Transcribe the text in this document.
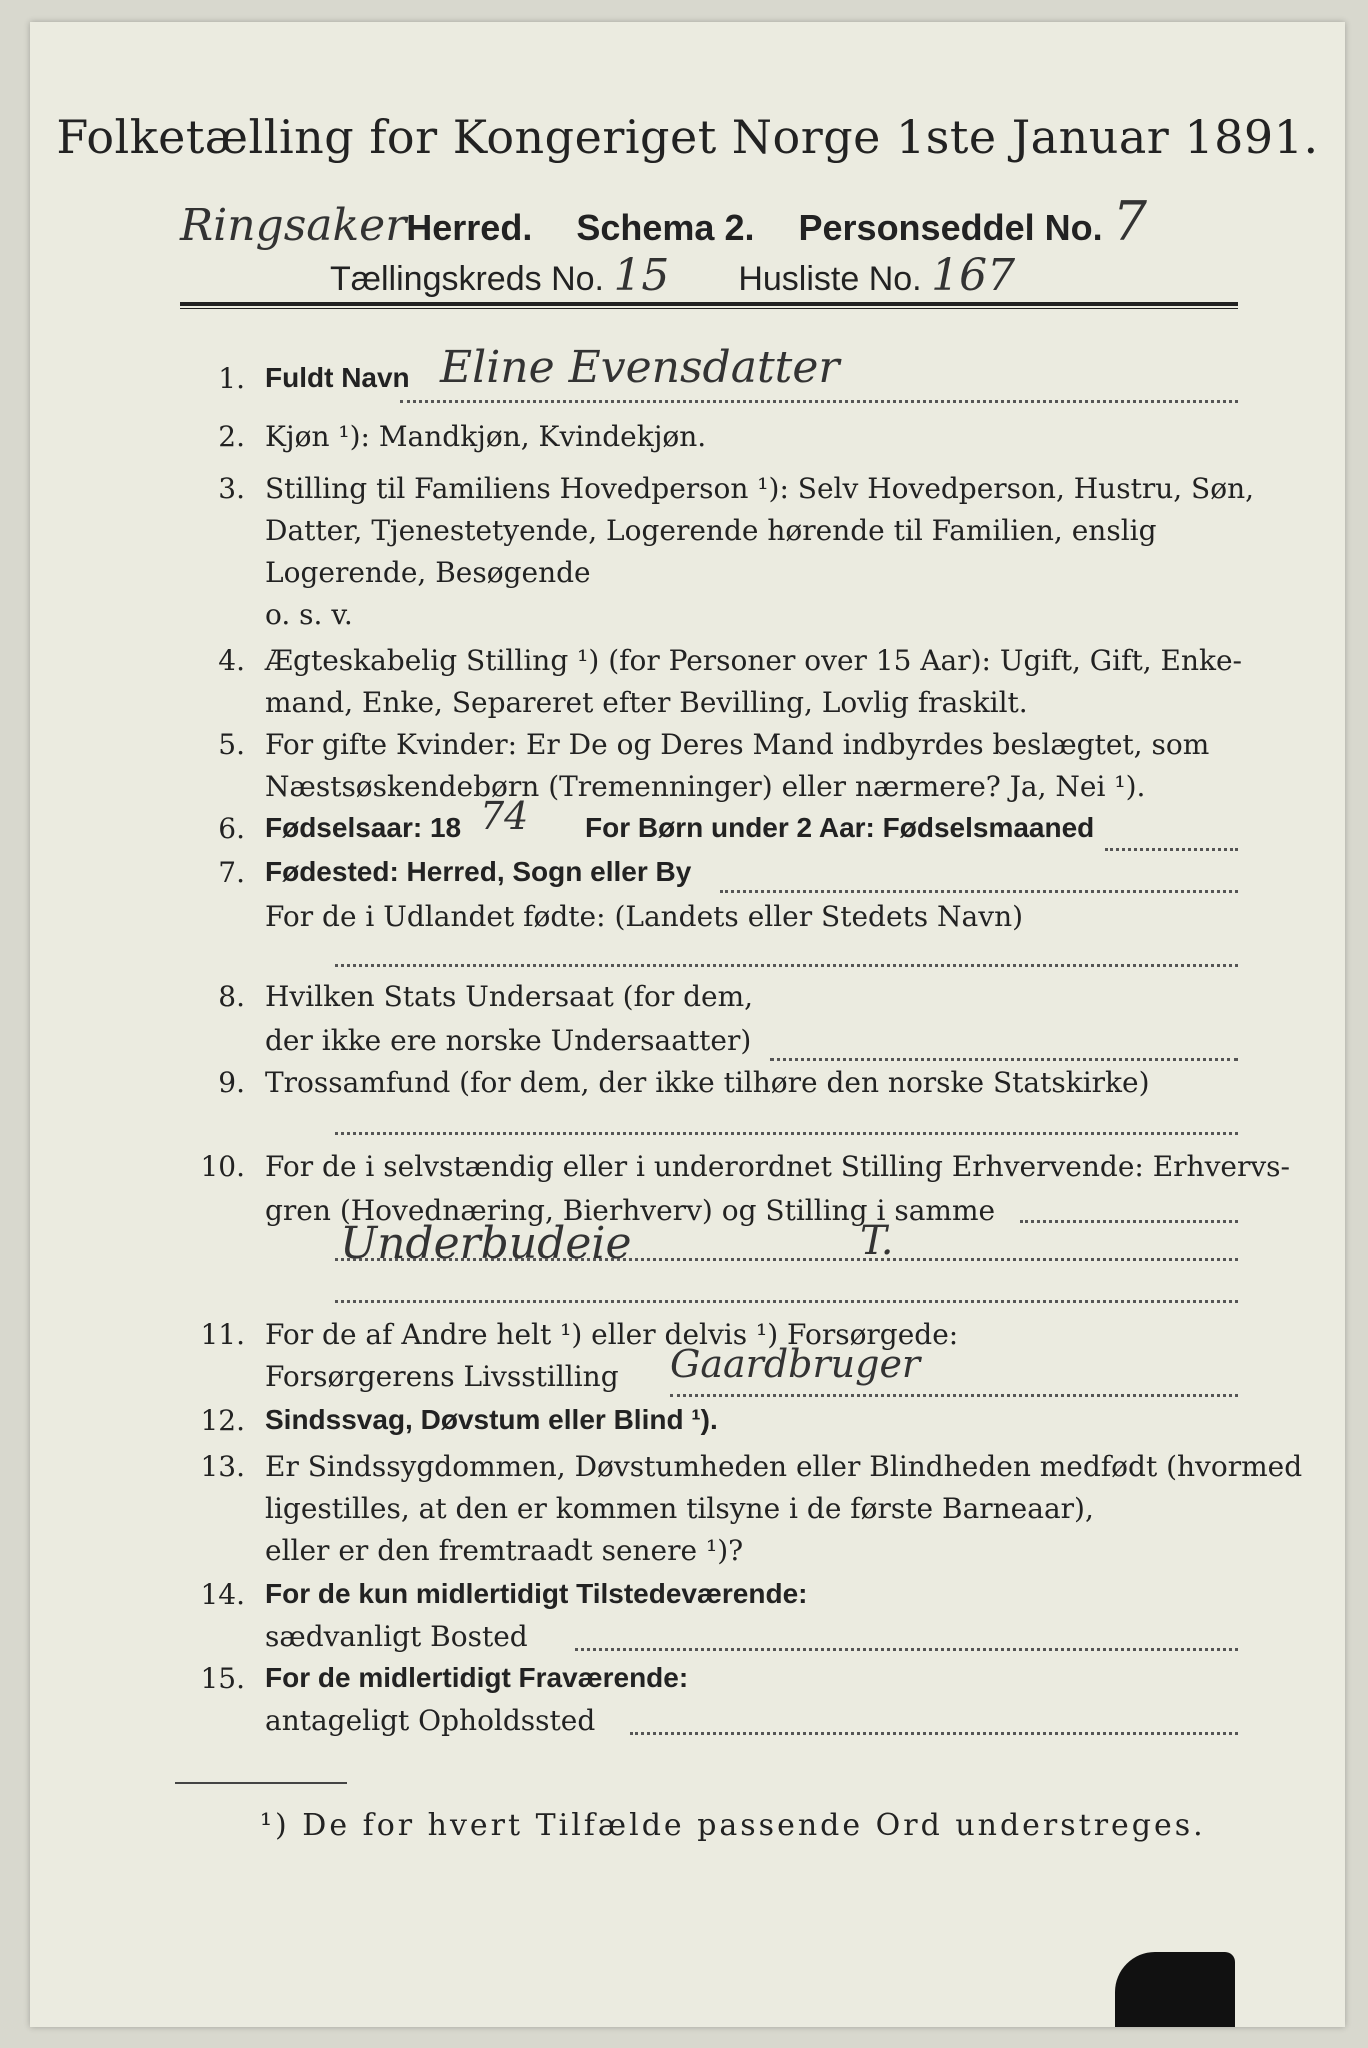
Folketælling for Kongeriget Norge 1ste Januar 1891.
RingsakerHerred. Schema 2. Personseddel No. 7
Tællingskreds No. 15 Husliste No. 167
1. Fuldt Navn Eline Evensdatter
2. Kjøn ¹): Mandkjøn, Kvindekjøn.
3. Stilling til Familiens Hovedperson ¹): Selv Hovedperson, Hustru, Søn,
Datter, Tjenestetyende, Logerende hørende til Familien, enslig
Logerende, Besøgende
o. s. v.
4. Ægteskabelig Stilling ¹) (for Personer over 15 Aar): Ugift, Gift, Enke-
mand, Enke, Separeret efter Bevilling, Lovlig fraskilt.
5. For gifte Kvinder: Er De og Deres Mand indbyrdes beslægtet, som
Næstsøskendebørn (Tremenninger) eller nærmere? Ja, Nei ¹).
6. Fødselsaar: 18	For Børn under 2 Aar: Fødselsmaaned
74
7. Fødested: Herred, Sogn eller By
For de i Udlandet fødte: (Landets eller Stedets Navn)
8. Hvilken Stats Undersaat (for dem,
der ikke ere norske Undersaatter)
9. Trossamfund (for dem, der ikke tilhøre den norske Statskirke)
10. For de i selvstændig eller i underordnet Stilling Erhvervende: Erhvervs-
gren (Hovednæring, Bierhverv) og Stilling i samme
Underbudeie	T.
11. For de af Andre helt ¹) eller delvis ¹) Forsørgede:
Forsørgerens Livsstilling Gaardbruger
12. Sindssvag, Døvstum eller Blind ¹).
13. Er Sindssygdommen, Døvstumheden eller Blindheden medfødt (hvormed
ligestilles, at den er kommen tilsyne i de første Barneaar),
eller er den fremtraadt senere ¹)?
14. For de kun midlertidigt Tilstedeværende:
sædvanligt Bosted
15. For de midlertidigt Fraværende:
antageligt Opholdssted
¹) De for hvert Tilfælde passende Ord understreges.
